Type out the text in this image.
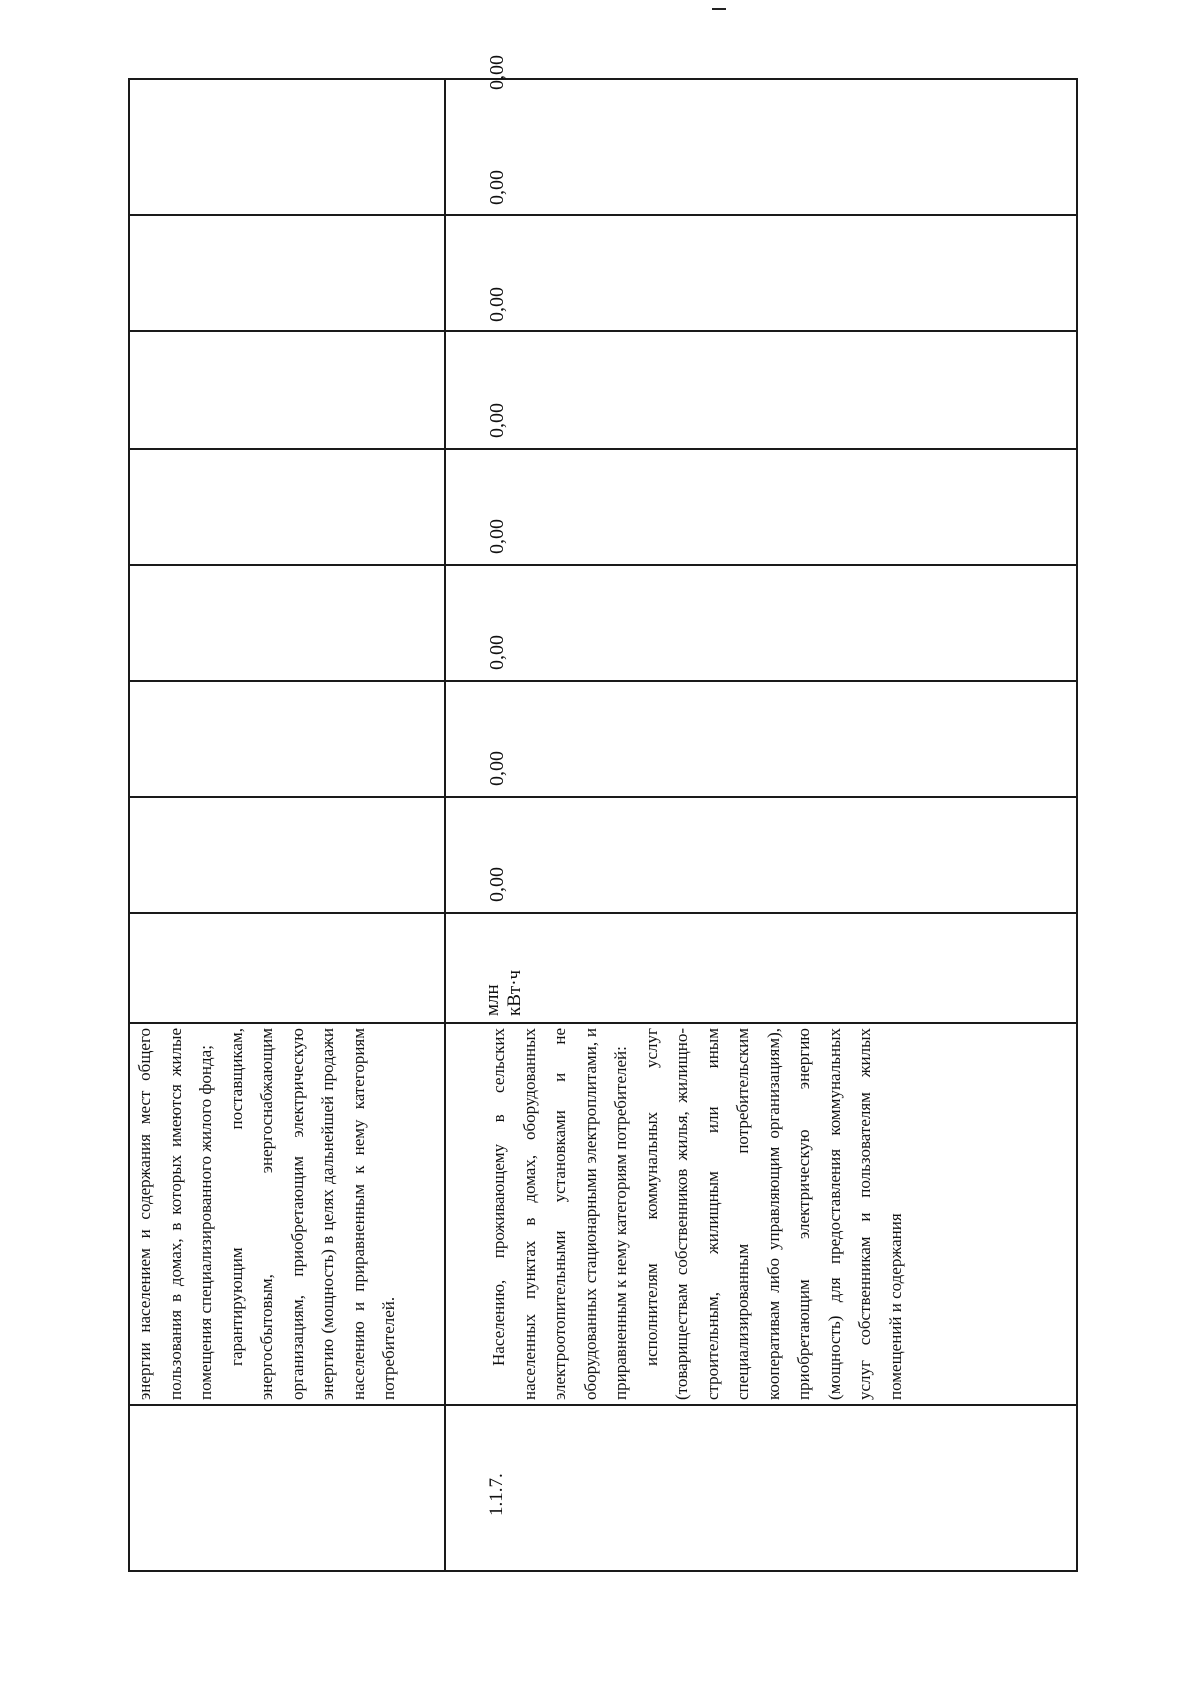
энергии населением и содержания мест общего пользования в домах, в которых имеются жилые помещения специализированного жилого фонда; гарантирующим поставщикам, энергосбытовым, энергоснабжающим организациям, приобретающим электрическую энергию (мощность) в целях дальнейшей продажи населению и приравненным к нему категориям потребителей.
1.1.7.
Населению, проживающему в сельских населенных пунктах в домах, оборудованных электроотопительными установками и не оборудованных стационарными электроплитами, и приравненным к нему категориям потребителей: исполнителям коммунальных услуг (товариществам собственников жилья, жилищно-строительным, жилищным или иным специализированным потребительским кооперативам либо управляющим организациям), приобретающим электрическую энергию (мощность) для предоставления коммунальных услуг собственникам и пользователям жилых помещений и содержания
млн кВт·ч
0,00
0,00
0,00
0,00
0,00
0,00
0,00
0,00
